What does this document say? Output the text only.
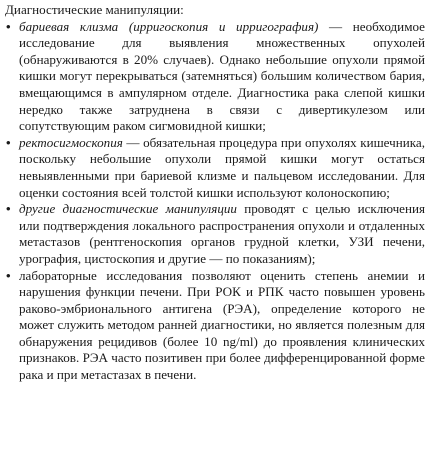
Диагностические манипуляции:

• бариевая клизма (ирригоскопия и ирригография) — необходимое исследование для выявления множественных опухолей (обнаруживаются в 20% случаев). Однако небольшие опухоли прямой кишки могут перекрываться (затемняться) большим количеством бария, вмещающимся в ампулярном отделе. Диагностика рака слепой кишки нередко также затруднена в связи с дивертикулезом или сопутствующим раком сигмовидной кишки;
• ректосигмоскопия — обязательная процедура при опухолях кишечника, поскольку небольшие опухоли прямой кишки могут остаться невыявленными при бариевой клизме и пальцевом исследовании. Для оценки состояния всей толстой кишки используют колоноскопию;
• другие диагностические манипуляции проводят с целью исключения или подтверждения локального распространения опухоли и отдаленных метастазов (рентгеноскопия органов грудной клетки, УЗИ печени, урография, цистоскопия и другие — по показаниям);
• лабораторные исследования позволяют оценить степень анемии и нарушения функции печени. При РОК и РПК часто повышен уровень раково-эмбрионального антигена (РЭА), определение которого не может служить методом ранней диагностики, но является полезным для обнаружения рецидивов (более 10 ng/ml) до проявления клинических признаков. РЭА часто позитивен при более дифференцированной форме рака и при метастазах в печени.
